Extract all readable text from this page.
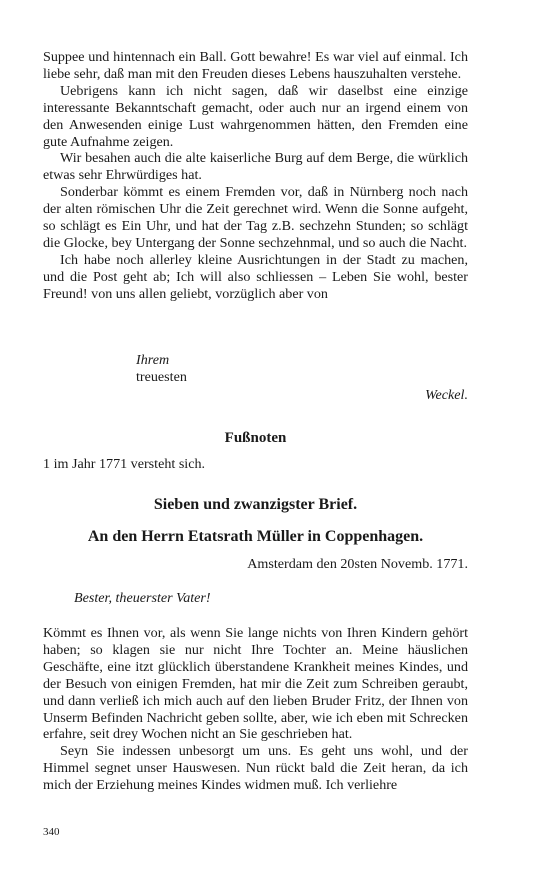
Suppee und hintennach ein Ball. Gott bewahre! Es war viel auf einmal. Ich liebe sehr, daß man mit den Freuden dieses Lebens hauszuhalten verstehe.

Uebrigens kann ich nicht sagen, daß wir daselbst eine einzige interessante Bekanntschaft gemacht, oder auch nur an irgend einem von den Anwesenden einige Lust wahrgenommen hätten, den Fremden eine gute Aufnahme zeigen.

Wir besahen auch die alte kaiserliche Burg auf dem Berge, die würklich etwas sehr Ehrwürdiges hat.

Sonderbar kömmt es einem Fremden vor, daß in Nürnberg noch nach der alten römischen Uhr die Zeit gerechnet wird. Wenn die Sonne aufgeht, so schlägt es Ein Uhr, und hat der Tag z.B. sechzehn Stunden; so schlägt die Glocke, bey Untergang der Sonne sechzehnmal, und so auch die Nacht.

Ich habe noch allerley kleine Ausrichtungen in der Stadt zu machen, und die Post geht ab; Ich will also schliessen – Leben Sie wohl, bester Freund! von uns allen geliebt, vorzüglich aber von

Ihrem
treuesten
Weckel.
Fußnoten
1 im Jahr 1771 versteht sich.
Sieben und zwanzigster Brief.
An den Herrn Etatsrath Müller in Coppenhagen.
Amsterdam den 20sten Novemb. 1771.
Bester, theuerster Vater!

Kömmt es Ihnen vor, als wenn Sie lange nichts von Ihren Kindern gehört haben; so klagen sie nur nicht Ihre Tochter an. Meine häuslichen Geschäfte, eine itzt glücklich überstandene Krankheit meines Kindes, und der Besuch von einigen Fremden, hat mir die Zeit zum Schreiben geraubt, und dann verließ ich mich auch auf den lieben Bruder Fritz, der Ihnen von Unserm Befinden Nachricht geben sollte, aber, wie ich eben mit Schrecken erfahre, seit drey Wochen nicht an Sie geschrieben hat.

Seyn Sie indessen unbesorgt um uns. Es geht uns wohl, und der Himmel segnet unser Hauswesen. Nun rückt bald die Zeit heran, da ich mich der Erziehung meines Kindes widmen muß. Ich verliehre

340
